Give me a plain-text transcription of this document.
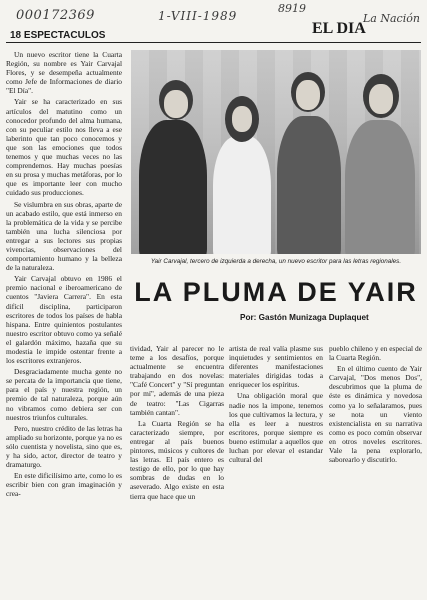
000172369	1-VIII-1989
8919
La Nación
18 ESPECTACULOS	EL DIA

Un nuevo escritor tiene la Cuarta Región, su nombre es Yair Carvajal Flores, y se desempeña actualmente como Jefe de Informaciones de diario "El Día".

Yair se ha caracterizado en sus artículos del matutino como un conocedor profundo del alma humana, con su peculiar estilo nos lleva a ese laberinto que tan poco conocemos y que son las emociones que todos tenemos y que muchas veces no las comprendemos. Hay muchas poesías en su prosa y muchas metáforas, por lo que es importante leer con mucho cuidado sus producciones.

Se vislumbra en sus obras, aparte de un acabado estilo, que está inmerso en la problemática de la vida y se percibe también una lucha silenciosa por entregar a sus lectores sus propias vivencias, observaciones del comportamiento humano y la belleza de la naturaleza.

Yair Carvajal obtuvo en 1986 el premio nacional e iberoamericano de cuentos "Javiera Carrera". En esta difícil disciplina, participaron escritores de todos los países de habla hispana. Entre quinientos postulantes nuestro escritor obtuvo como ya señalé el galardón máximo, hazaña que su modestia le impide ostentar frente a los escritores extranjeros.

Desgraciadamente mucha gente no se percata de la importancia que tiene, para el país y nuestra región, un premio de tal naturaleza, porque aún no vibramos como debiera ser con nuestros triunfos culturales.

Pero, nuestro crédito de las letras ha ampliado su horizonte, porque ya no es sólo cuentista y novelista, sino que es, y ha sido, actor, director de teatro y dramaturgo.

En este dificilísimo arte, como lo es escribir bien con gran imaginación y crea-

Yair Carvajal, tercero de izquierda a derecha, un nuevo escritor para las letras regionales.
LA PLUMA DE YAIR
Por: Gastón Munizaga Duplaquet

tividad, Yair al parecer no le teme a los desafíos, porque actualmente se encuentra trabajando en dos novelas: "Café Concert" y "Sí preguntan por mí", además de una pieza de teatro: "Las Cigarras también cantan".

La Cuarta Región se ha caracterizado siempre, por entregar al país buenos pintores, músicos y cultores de las letras. El país entero es testigo de ello, por lo que hay sombras de dudas en lo aseverado. Algo existe en esta tierra que hace que un

artista de real valía plasme sus inquietudes y sentimientos en diferentes manifestaciones materiales dirigidas todas a enriquecer los espíritus.

Una obligación moral que nadie nos la impone, tenemos los que cultivamos la lectura, y ella es leer a nuestros escritores, porque siempre es bueno estimular a aquellos que luchan por elevar el estandar cultural del

pueblo chileno y en especial de la Cuarta Región.

En el último cuento de Yair Carvajal, "Dos menos Dos", descubrimos que la pluma de éste es dinámica y novedosa como ya lo señalaramos, pues se nota un viento existencialista en su narrativa como es poco común observar en otros noveles escritores. Vale la pena explorarlo, saborearlo y discutirlo.
